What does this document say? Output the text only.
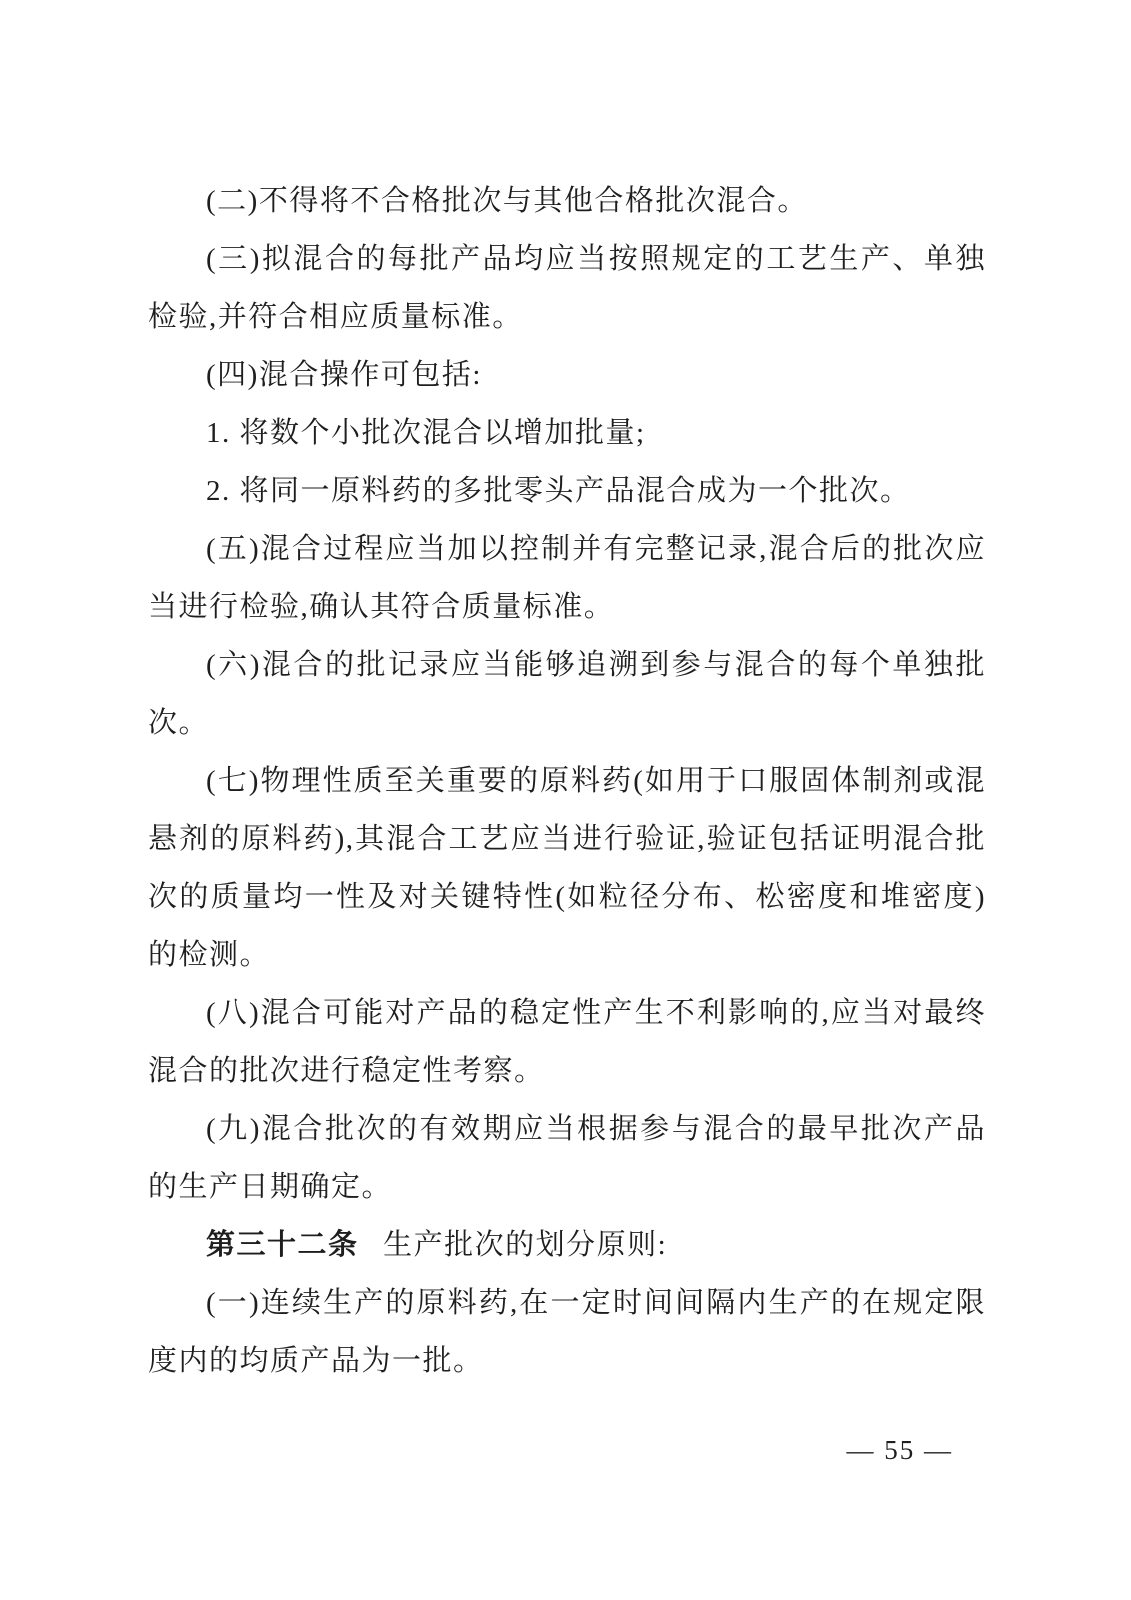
(二)不得将不合格批次与其他合格批次混合。

(三)拟混合的每批产品均应当按照规定的工艺生产、单独检验,并符合相应质量标准。

(四)混合操作可包括:

1. 将数个小批次混合以增加批量;

2. 将同一原料药的多批零头产品混合成为一个批次。

(五)混合过程应当加以控制并有完整记录,混合后的批次应当进行检验,确认其符合质量标准。

(六)混合的批记录应当能够追溯到参与混合的每个单独批次。

(七)物理性质至关重要的原料药(如用于口服固体制剂或混悬剂的原料药),其混合工艺应当进行验证,验证包括证明混合批次的质量均一性及对关键特性(如粒径分布、松密度和堆密度)的检测。

(八)混合可能对产品的稳定性产生不利影响的,应当对最终混合的批次进行稳定性考察。

(九)混合批次的有效期应当根据参与混合的最早批次产品的生产日期确定。

第三十二条 生产批次的划分原则:

(一)连续生产的原料药,在一定时间间隔内生产的在规定限度内的均质产品为一批。

— 55 —
